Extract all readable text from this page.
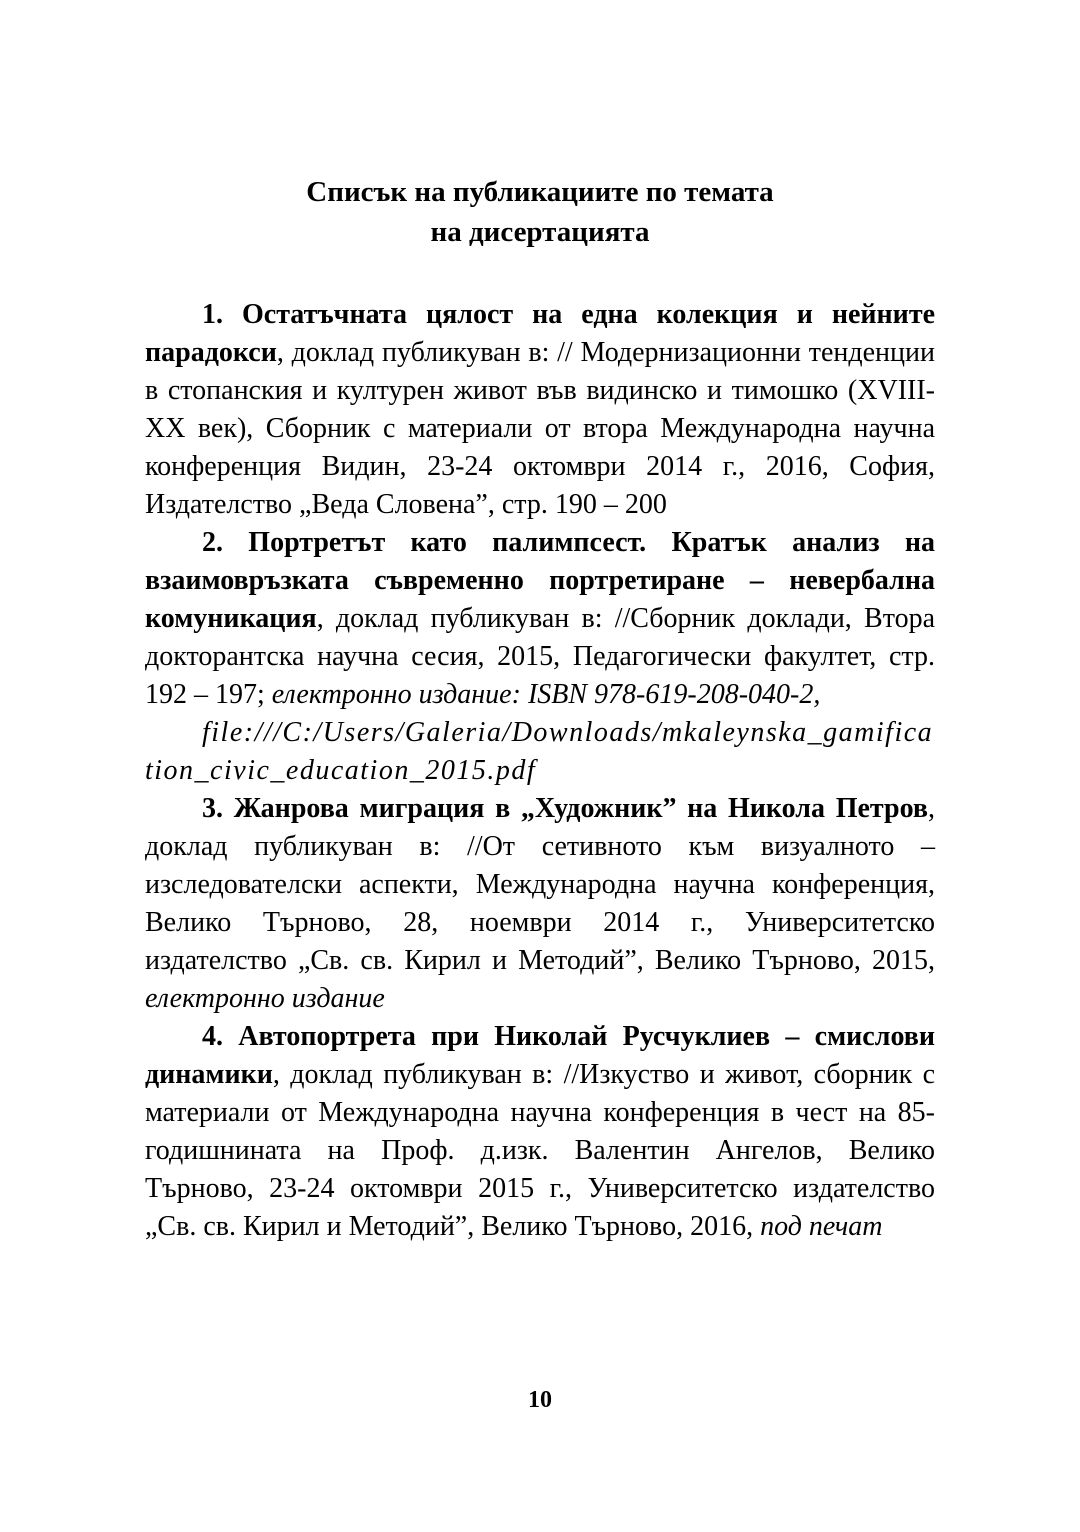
Списък на публикациите по темата
на дисертацията

1. Остатъчната цялост на една колекция и нейните парадокси, доклад публикуван в: // Модернизационни тенденции в стопанския и културен живот във видинско и тимошко (XVIII-XX век), Сборник с материали от втора Международна научна конференция Видин, 23-24 октомври 2014 г., 2016, София, Издателство „Веда Словена”, стр. 190 – 200

2. Портретът като палимпсест. Кратък анализ на взаимовръзката съвременно портретиране – невербална комуникация, доклад публикуван в: //Сборник доклади, Втора докторантска научна сесия, 2015, Педагогически факултет, стр. 192 – 197; електронно издание: ISBN 978-619-208-040-2,

file:///C:/Users/Galeria/Downloads/mkaleynska_gamification_civic_education_2015.pdf

3. Жанрова миграция в „Художник” на Никола Петров, доклад публикуван в: //От сетивното към визуалното – изследователски аспекти, Международна научна конференция, Велико Търново, 28, ноември 2014 г., Университетско издателство „Св. св. Кирил и Методий”, Велико Търново, 2015, електронно издание

4. Автопортрета при Николай Русчуклиев – смислови динамики, доклад публикуван в: //Изкуство и живот, сборник с материали от Международна научна конференция в чест на 85-годишнината на Проф. д.изк. Валентин Ангелов, Велико Търново, 23-24 октомври 2015 г., Университетско издателство „Св. св. Кирил и Методий”, Велико Търново, 2016, под печат

10
